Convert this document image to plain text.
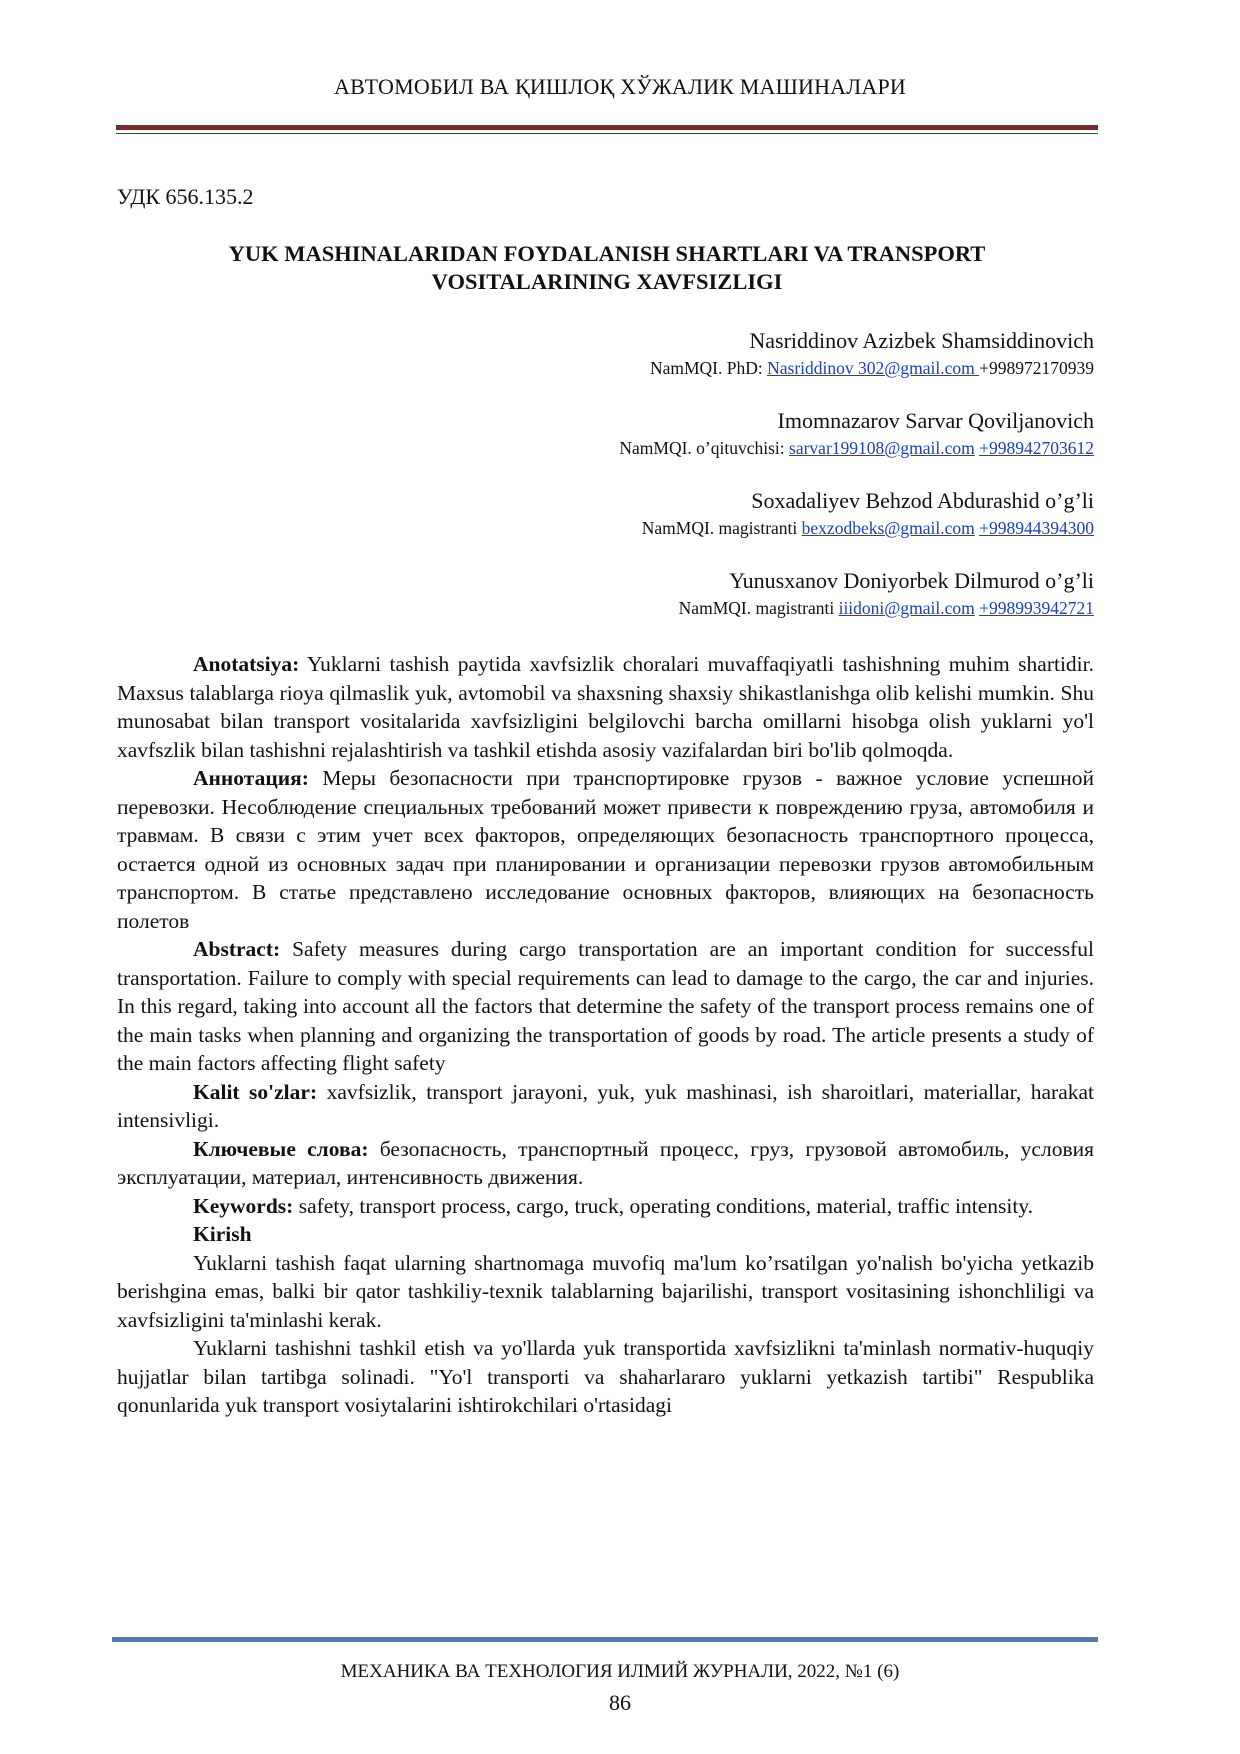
АВТОМОБИЛ ВА ҚИШЛОҚ ХЎЖАЛИК МАШИНАЛАРИ
УДК 656.135.2
YUK MASHINALARIDAN FOYDALANISH SHARTLARI VA TRANSPORT
VOSITALARINING XAVFSIZLIGI
Nasriddinov Azizbek Shamsiddinovich
NamMQI. PhD: Nasriddinov 302@gmail.com +998972170939
Imomnazarov Sarvar Qoviljanovich
NamMQI. o’qituvchisi: sarvar199108@gmail.com +998942703612
Soxadaliyev Behzod Abdurashid o’g’li
NamMQI. magistranti bexzodbeks@gmail.com +998944394300
Yunusxanov Doniyorbek Dilmurod o’g’li
NamMQI. magistranti iiidoni@gmail.com +998993942721

Anotatsiya: Yuklarni tashish paytida xavfsizlik choralari muvaffaqiyatli tashishning muhim shartidir. Maxsus talablarga rioya qilmaslik yuk, avtomobil va shaxsning shaxsiy shikastlanishga olib kelishi mumkin. Shu munosabat bilan transport vositalarida xavfsizligini belgilovchi barcha omillarni hisobga olish yuklarni yo'l xavfszlik bilan tashishni rejalashtirish va tashkil etishda asosiy vazifalardan biri bo'lib qolmoqda.

Аннотация: Меры безопасности при транспортировке грузов - важное условие успешной перевозки. Несоблюдение специальных требований может привести к повреждению груза, автомобиля и травмам. В связи с этим учет всех факторов, определяющих безопасность транспортного процесса, остается одной из основных задач при планировании и организации перевозки грузов автомобильным транспортом. В статье представлено исследование основных факторов, влияющих на безопасность полетов

Abstract: Safety measures during cargo transportation are an important condition for successful transportation. Failure to comply with special requirements can lead to damage to the cargo, the car and injuries. In this regard, taking into account all the factors that determine the safety of the transport process remains one of the main tasks when planning and organizing the transportation of goods by road. The article presents a study of the main factors affecting flight safety

Kalit so'zlar: xavfsizlik, transport jarayoni, yuk, yuk mashinasi, ish sharoitlari, materiallar, harakat intensivligi.

Ключевые слова: безопасность, транспортный процесс, груз, грузовой автомобиль, условия эксплуатации, материал, интенсивность движения.

Keywords: safety, transport process, cargo, truck, operating conditions, material, traffic intensity.

Kirish

Yuklarni tashish faqat ularning shartnomaga muvofiq ma'lum ko’rsatilgan yo'nalish bo'yicha yetkazib berishgina emas, balki bir qator tashkiliy-texnik talablarning bajarilishi, transport vositasining ishonchliligi va xavfsizligini ta'minlashi kerak.

Yuklarni tashishni tashkil etish va yo'llarda yuk transportida xavfsizlikni ta'minlash normativ-huquqiy hujjatlar bilan tartibga solinadi. "Yo'l transporti va shaharlararo yuklarni yetkazish tartibi" Respublika qonunlarida yuk transport vosiytalarini ishtirokchilari o'rtasidagi

МЕХАНИКА ВА ТЕХНОЛОГИЯ ИЛМИЙ ЖУРНАЛИ, 2022, №1 (6)
86
